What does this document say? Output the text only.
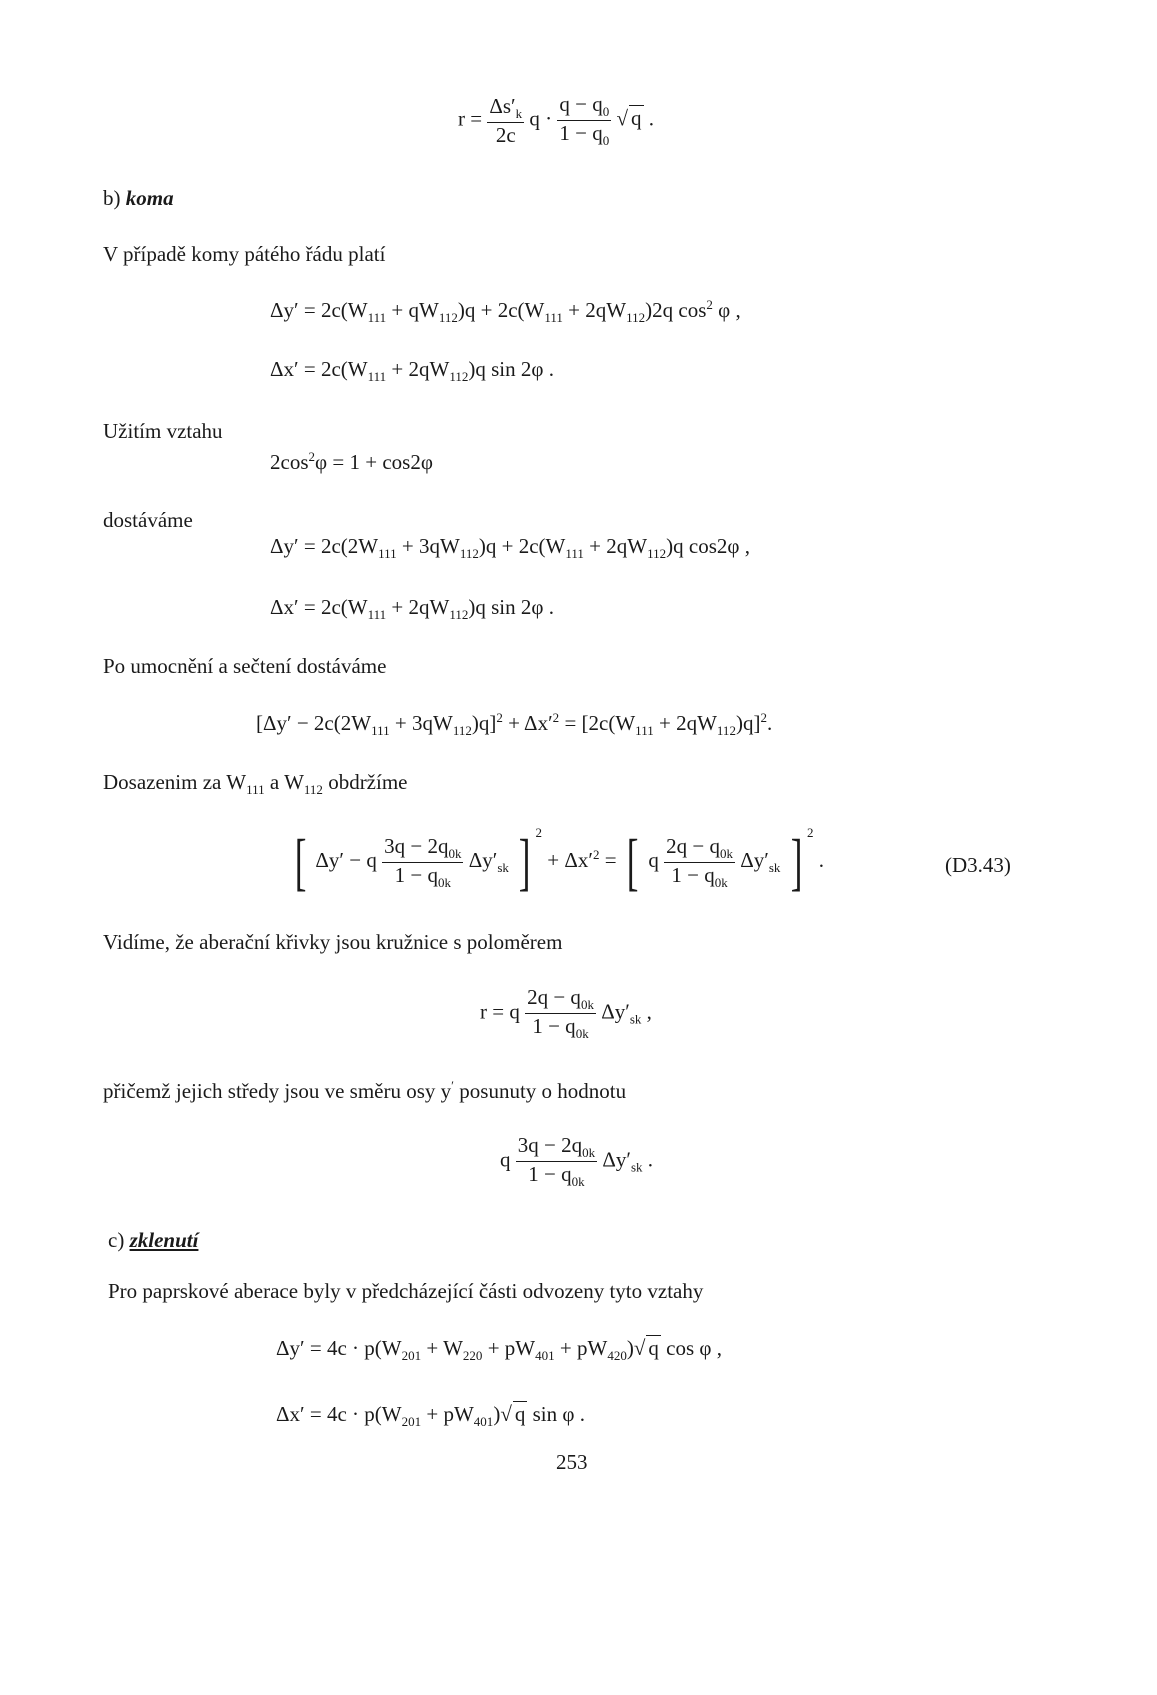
$r = \frac{\Delta s'_k}{2c}$ $q \cdot \frac{q - q_0}{1 - q_0}$ √ q .
b) koma
V případě komy pátého řádu platí
$\Delta y' = 2c(W_{111} + qW_{112})q + 2c(W_{111} + 2qW_{112})2q$ $\cos^2 \varphi$ ,
$\Delta x' = 2c(W_{111} + 2qW_{112})q$ sin 2φ .
Užitím vztahu
$2\cos^2\varphi = 1 + \cos 2\varphi$
dostáváme
$\Delta y' = 2c(2W_{111} + 3qW_{112})q + 2c(W_{111} + 2qW_{112})q$ cos2φ ,
$\Delta x' = 2c(W_{111} + 2qW_{112})q$ sin 2φ .
Po umocnění a sečtení dostáváme
$[\Delta y' - 2c(2W_{111} + 3qW_{112})q]^2 + \Delta x'^2 = [2c(W_{111} + 2qW_{112})q]^2$.
Dosazenim za $W_{111}$ a $W_{112}$ obdržíme
[ Δy′ − q $\frac{3q - 2q_{0k}}{1 - q_{0k}} \Delta y'_{sk}$ ] $^2 + \Delta x'^2$ = [ q $\frac{2q - q_{0k}}{1 - q_{0k}} \Delta y'_{sk}$ ] $^2$ .	(D3.43)
Vidíme, že aberační křivky jsou kružnice s poloměrem
r = q $\frac{2q - q_{0k}}{1 - q_{0k}} \Delta y'_{sk}$ ,
přičemž jejich středy jsou ve směru osy y′ posunuty o hodnotu
q $\frac{3q - 2q_{0k}}{1 - q_{0k}} \Delta y'_{sk}$ .
c) zklenutí
Pro paprskové aberace byly v předcházející části odvozeny tyto vztahy
$\Delta y' = 4c \cdot p(W_{201} + W_{220} + pW_{401} + pW_{420})√$ q cos φ ,
$\Delta x' = 4c \cdot p(W_{201} + pW_{401})√$ q sin φ .
253
